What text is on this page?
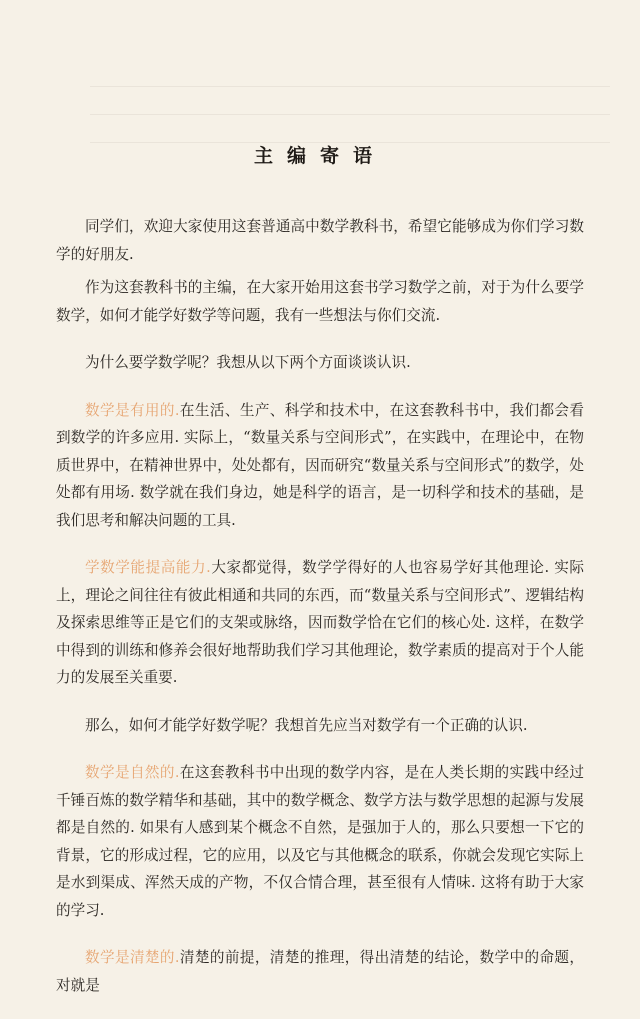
主编寄语

同学们，欢迎大家使用这套普通高中数学教科书，希望它能够成为你们学习数学的好朋友.

作为这套教科书的主编，在大家开始用这套书学习数学之前，对于为什么要学数学，如何才能学好数学等问题，我有一些想法与你们交流.

为什么要学数学呢？我想从以下两个方面谈谈认识.

数学是有用的.在生活、生产、科学和技术中，在这套教科书中，我们都会看到数学的许多应用. 实际上，“数量关系与空间形式”，在实践中，在理论中，在物质世界中，在精神世界中，处处都有，因而研究“数量关系与空间形式”的数学，处处都有用场. 数学就在我们身边，她是科学的语言，是一切科学和技术的基础，是我们思考和解决问题的工具.

学数学能提高能力.大家都觉得，数学学得好的人也容易学好其他理论. 实际上，理论之间往往有彼此相通和共同的东西，而“数量关系与空间形式”、逻辑结构及探索思维等正是它们的支架或脉络，因而数学恰在它们的核心处. 这样，在数学中得到的训练和修养会很好地帮助我们学习其他理论，数学素质的提高对于个人能力的发展至关重要.

那么，如何才能学好数学呢？我想首先应当对数学有一个正确的认识.

数学是自然的.在这套教科书中出现的数学内容，是在人类长期的实践中经过千锤百炼的数学精华和基础，其中的数学概念、数学方法与数学思想的起源与发展都是自然的. 如果有人感到某个概念不自然，是强加于人的，那么只要想一下它的背景，它的形成过程，它的应用，以及它与其他概念的联系，你就会发现它实际上是水到渠成、浑然天成的产物，不仅合情合理，甚至很有人情味. 这将有助于大家的学习.

数学是清楚的.清楚的前提，清楚的推理，得出清楚的结论，数学中的命题，对就是
